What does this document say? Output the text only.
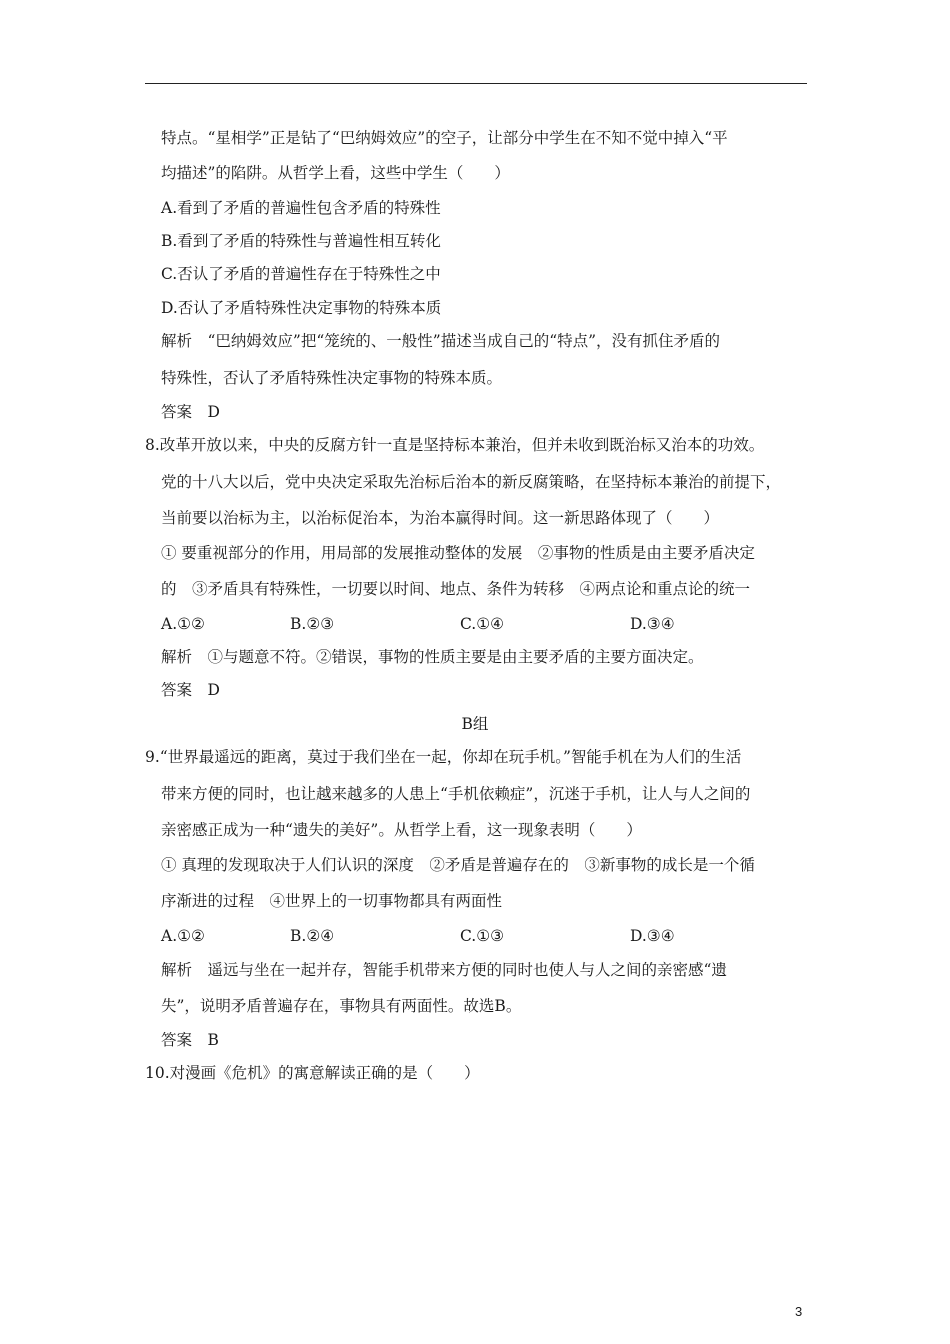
特点。“星相学”正是钻了“巴纳姆效应”的空子，让部分中学生在不知不觉中掉入“平
均描述”的陷阱。从哲学上看，这些中学生（　　）
A.看到了矛盾的普遍性包含矛盾的特殊性
B.看到了矛盾的特殊性与普遍性相互转化
C.否认了矛盾的普遍性存在于特殊性之中
D.否认了矛盾特殊性决定事物的特殊本质
解析　“巴纳姆效应”把“笼统的、一般性”描述当成自己的“特点”，没有抓住矛盾的
特殊性，否认了矛盾特殊性决定事物的特殊本质。
答案　D
8.改革开放以来，中央的反腐方针一直是坚持标本兼治，但并未收到既治标又治本的功效。
党的十八大以后，党中央决定采取先治标后治本的新反腐策略，在坚持标本兼治的前提下，
当前要以治标为主，以治标促治本，为治本赢得时间。这一新思路体现了（　　）
① 要重视部分的作用，用局部的发展推动整体的发展　②事物的性质是由主要矛盾决定
的　③矛盾具有特殊性，一切要以时间、地点、条件为转移　④两点论和重点论的统一
A.①②	B.②③	C.①④	D.③④
解析　①与题意不符。②错误，事物的性质主要是由主要矛盾的主要方面决定。
答案　D
B组
9.“世界最遥远的距离，莫过于我们坐在一起，你却在玩手机。”智能手机在为人们的生活
带来方便的同时，也让越来越多的人患上“手机依赖症”，沉迷于手机，让人与人之间的
亲密感正成为一种“遗失的美好”。从哲学上看，这一现象表明（　　）
① 真理的发现取决于人们认识的深度　②矛盾是普遍存在的　③新事物的成长是一个循
序渐进的过程　④世界上的一切事物都具有两面性
A.①②	B.②④	C.①③	D.③④
解析　遥远与坐在一起并存，智能手机带来方便的同时也使人与人之间的亲密感“遗
失”，说明矛盾普遍存在，事物具有两面性。故选B。
答案　B
10.对漫画《危机》的寓意解读正确的是（　　）
3
